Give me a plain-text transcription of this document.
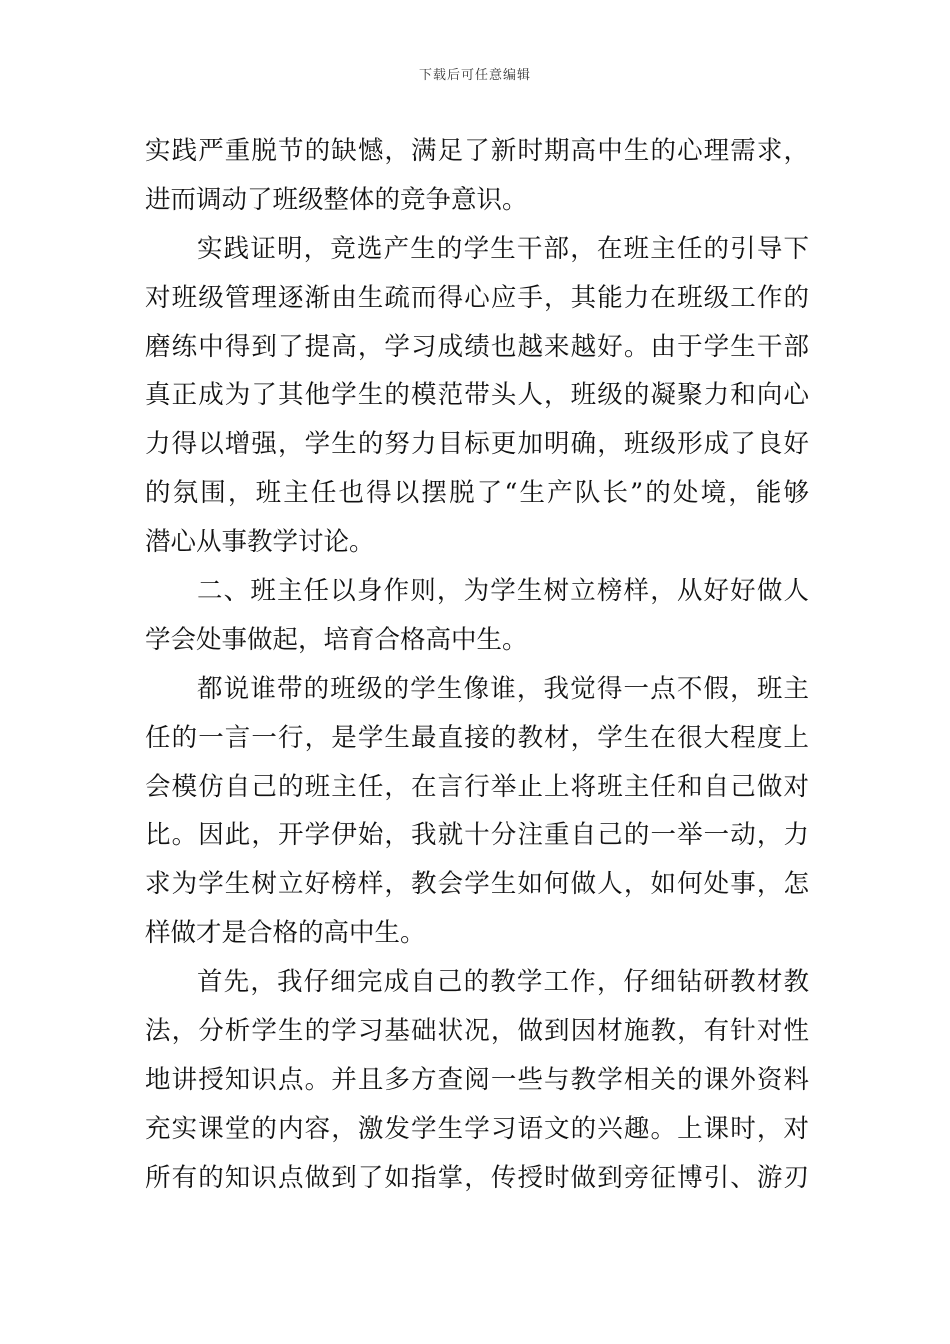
下载后可任意编辑
实践严重脱节的缺憾，满足了新时期高中生的心理需求，
进而调动了班级整体的竞争意识。
实践证明，竞选产生的学生干部，在班主任的引导下
对班级管理逐渐由生疏而得心应手，其能力在班级工作的
磨练中得到了提高，学习成绩也越来越好。由于学生干部
真正成为了其他学生的模范带头人，班级的凝聚力和向心
力得以增强，学生的努力目标更加明确，班级形成了良好
的氛围，班主任也得以摆脱了“生产队长”的处境，能够
潜心从事教学讨论。
二、班主任以身作则，为学生树立榜样，从好好做人
学会处事做起，培育合格高中生。
都说谁带的班级的学生像谁，我觉得一点不假，班主
任的一言一行，是学生最直接的教材，学生在很大程度上
会模仿自己的班主任，在言行举止上将班主任和自己做对
比。因此，开学伊始，我就十分注重自己的一举一动，力
求为学生树立好榜样，教会学生如何做人，如何处事，怎
样做才是合格的高中生。
首先，我仔细完成自己的教学工作，仔细钻研教材教
法，分析学生的学习基础状况，做到因材施教，有针对性
地讲授知识点。并且多方查阅一些与教学相关的课外资料
充实课堂的内容，激发学生学习语文的兴趣。上课时，对
所有的知识点做到了如指掌，传授时做到旁征博引、游刃
